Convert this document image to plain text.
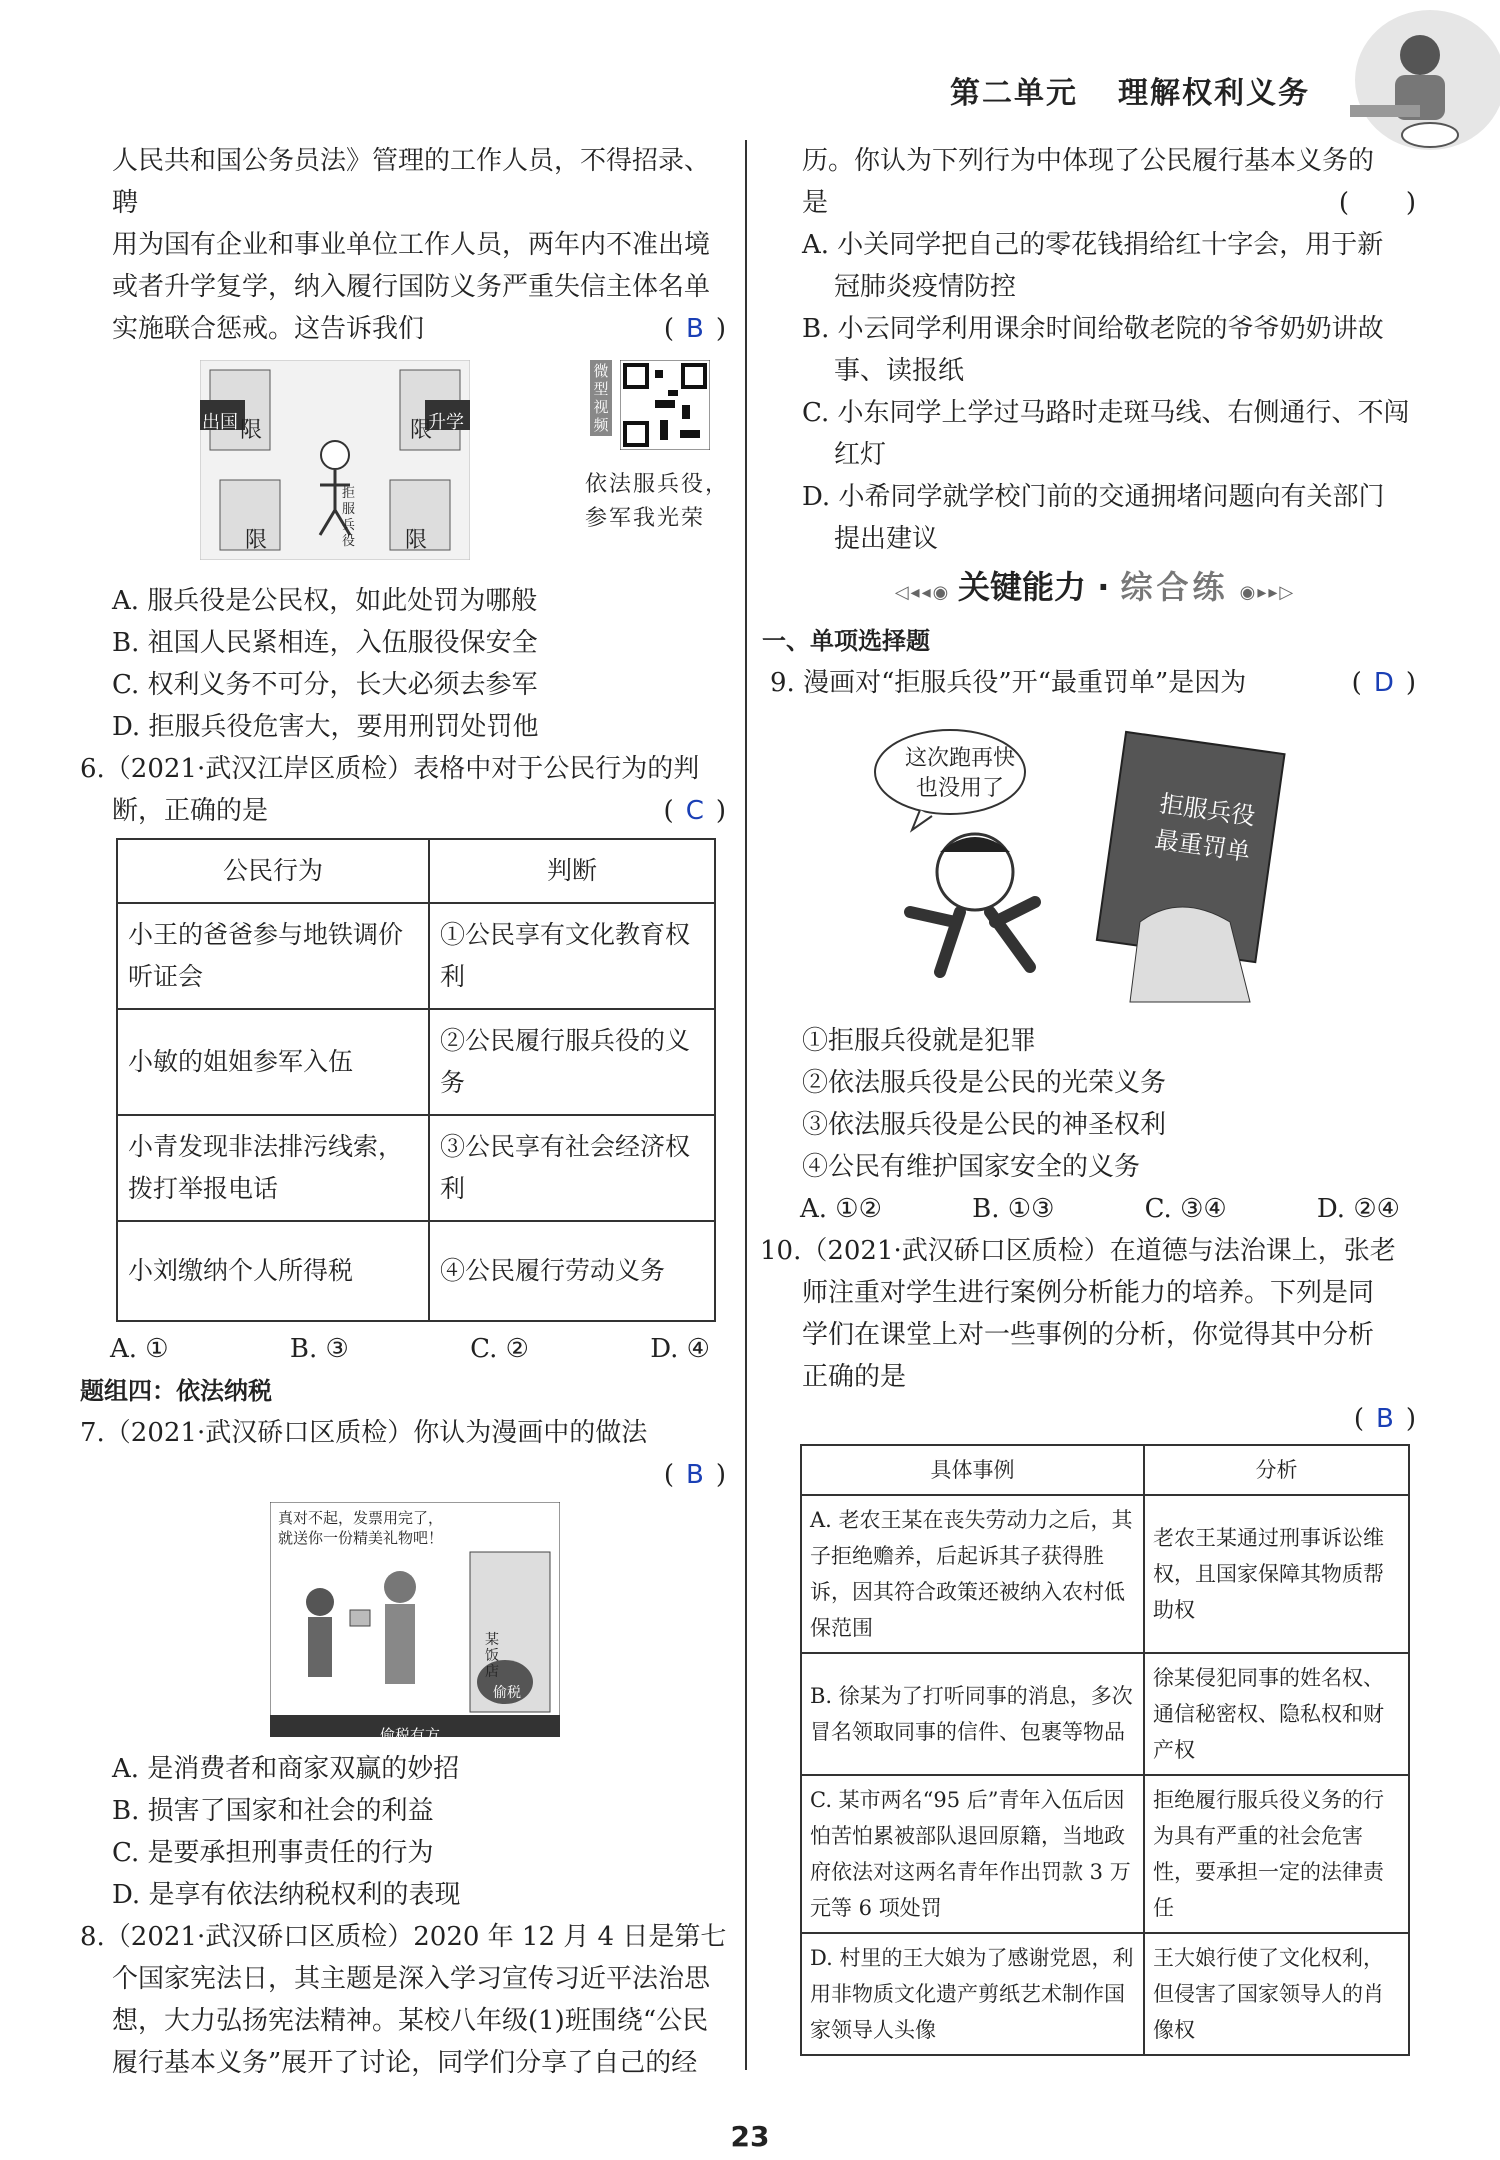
第二单元 理解权利义务

人民共和国公务员法》管理的工作人员，不得招录、聘

用为国有企业和事业单位工作人员，两年内不准出境

或者升学复学，纳入履行国防义务严重失信主体名单

实施联合惩戒。这告诉我们	( B )

出国	升学
限	限
限	限
拒服兵役
微型视频
依法服兵役，
参军我光荣

A. 服兵役是公民权，如此处罚为哪般

B. 祖国人民紧相连，入伍服役保安全

C. 权利义务不可分，长大必须去参军

D. 拒服兵役危害大，要用刑罚处罚他

6.（2021·武汉江岸区质检）表格中对于公民行为的判

断，正确的是	( C )

公民行为	判断
小王的爸爸参与地铁调价听证会	①公民享有文化教育权利
小敏的姐姐参军入伍	②公民履行服兵役的义务
小青发现非法排污线索，拨打举报电话	③公民享有社会经济权利
小刘缴纳个人所得税	④公民履行劳动义务
A. ①	B. ③	C. ②	D. ④

题组四：依法纳税

7.（2021·武汉硚口区质检）你认为漫画中的做法

( B )

真对不起，发票用完了，
就送你一份精美礼物吧！
某饭店
偷税
偷税有方

A. 是消费者和商家双赢的妙招

B. 损害了国家和社会的利益

C. 是要承担刑事责任的行为

D. 是享有依法纳税权利的表现

8.（2021·武汉硚口区质检）2020 年 12 月 4 日是第七

个国家宪法日，其主题是深入学习宣传习近平法治思

想，大力弘扬宪法精神。某校八年级(1)班围绕“公民

履行基本义务”展开了讨论，同学们分享了自己的经

历。你认为下列行为中体现了公民履行基本义务的

是	(   )

A. 小关同学把自己的零花钱捐给红十字会，用于新

冠肺炎疫情防控

B. 小云同学利用课余时间给敬老院的爷爷奶奶讲故

事、读报纸

C. 小东同学上学过马路时走斑马线、右侧通行、不闯

红灯

D. 小希同学就学校门前的交通拥堵问题向有关部门

提出建议

◁◂◂◉ 关键能力 · 综合练 ◉▸▸▷

一、单项选择题

9. 漫画对“拒服兵役”开“最重罚单”是因为	( D )

这次跑再快
也没用了
拒服兵役
最重罚单

①拒服兵役就是犯罪

②依法服兵役是公民的光荣义务

③依法服兵役是公民的神圣权利

④公民有维护国家安全的义务

A. ①②	B. ①③	C. ③④	D. ②④

10.（2021·武汉硚口区质检）在道德与法治课上，张老

师注重对学生进行案例分析能力的培养。下列是同

学们在课堂上对一些事例的分析，你觉得其中分析

正确的是

( B )

具体事例	分析
A. 老农王某在丧失劳动力之后，其子拒绝赡养，后起诉其子获得胜诉，因其符合政策还被纳入农村低保范围	老农王某通过刑事诉讼维权，且国家保障其物质帮助权
B. 徐某为了打听同事的消息，多次冒名领取同事的信件、包裹等物品	徐某侵犯同事的姓名权、通信秘密权、隐私权和财产权
C. 某市两名“95 后”青年入伍后因怕苦怕累被部队退回原籍，当地政府依法对这两名青年作出罚款 3 万元等 6 项处罚	拒绝履行服兵役义务的行为具有严重的社会危害性，要承担一定的法律责任
D. 村里的王大娘为了感谢党恩，利用非物质文化遗产剪纸艺术制作国家领导人头像	王大娘行使了文化权利，但侵害了国家领导人的肖像权
23
